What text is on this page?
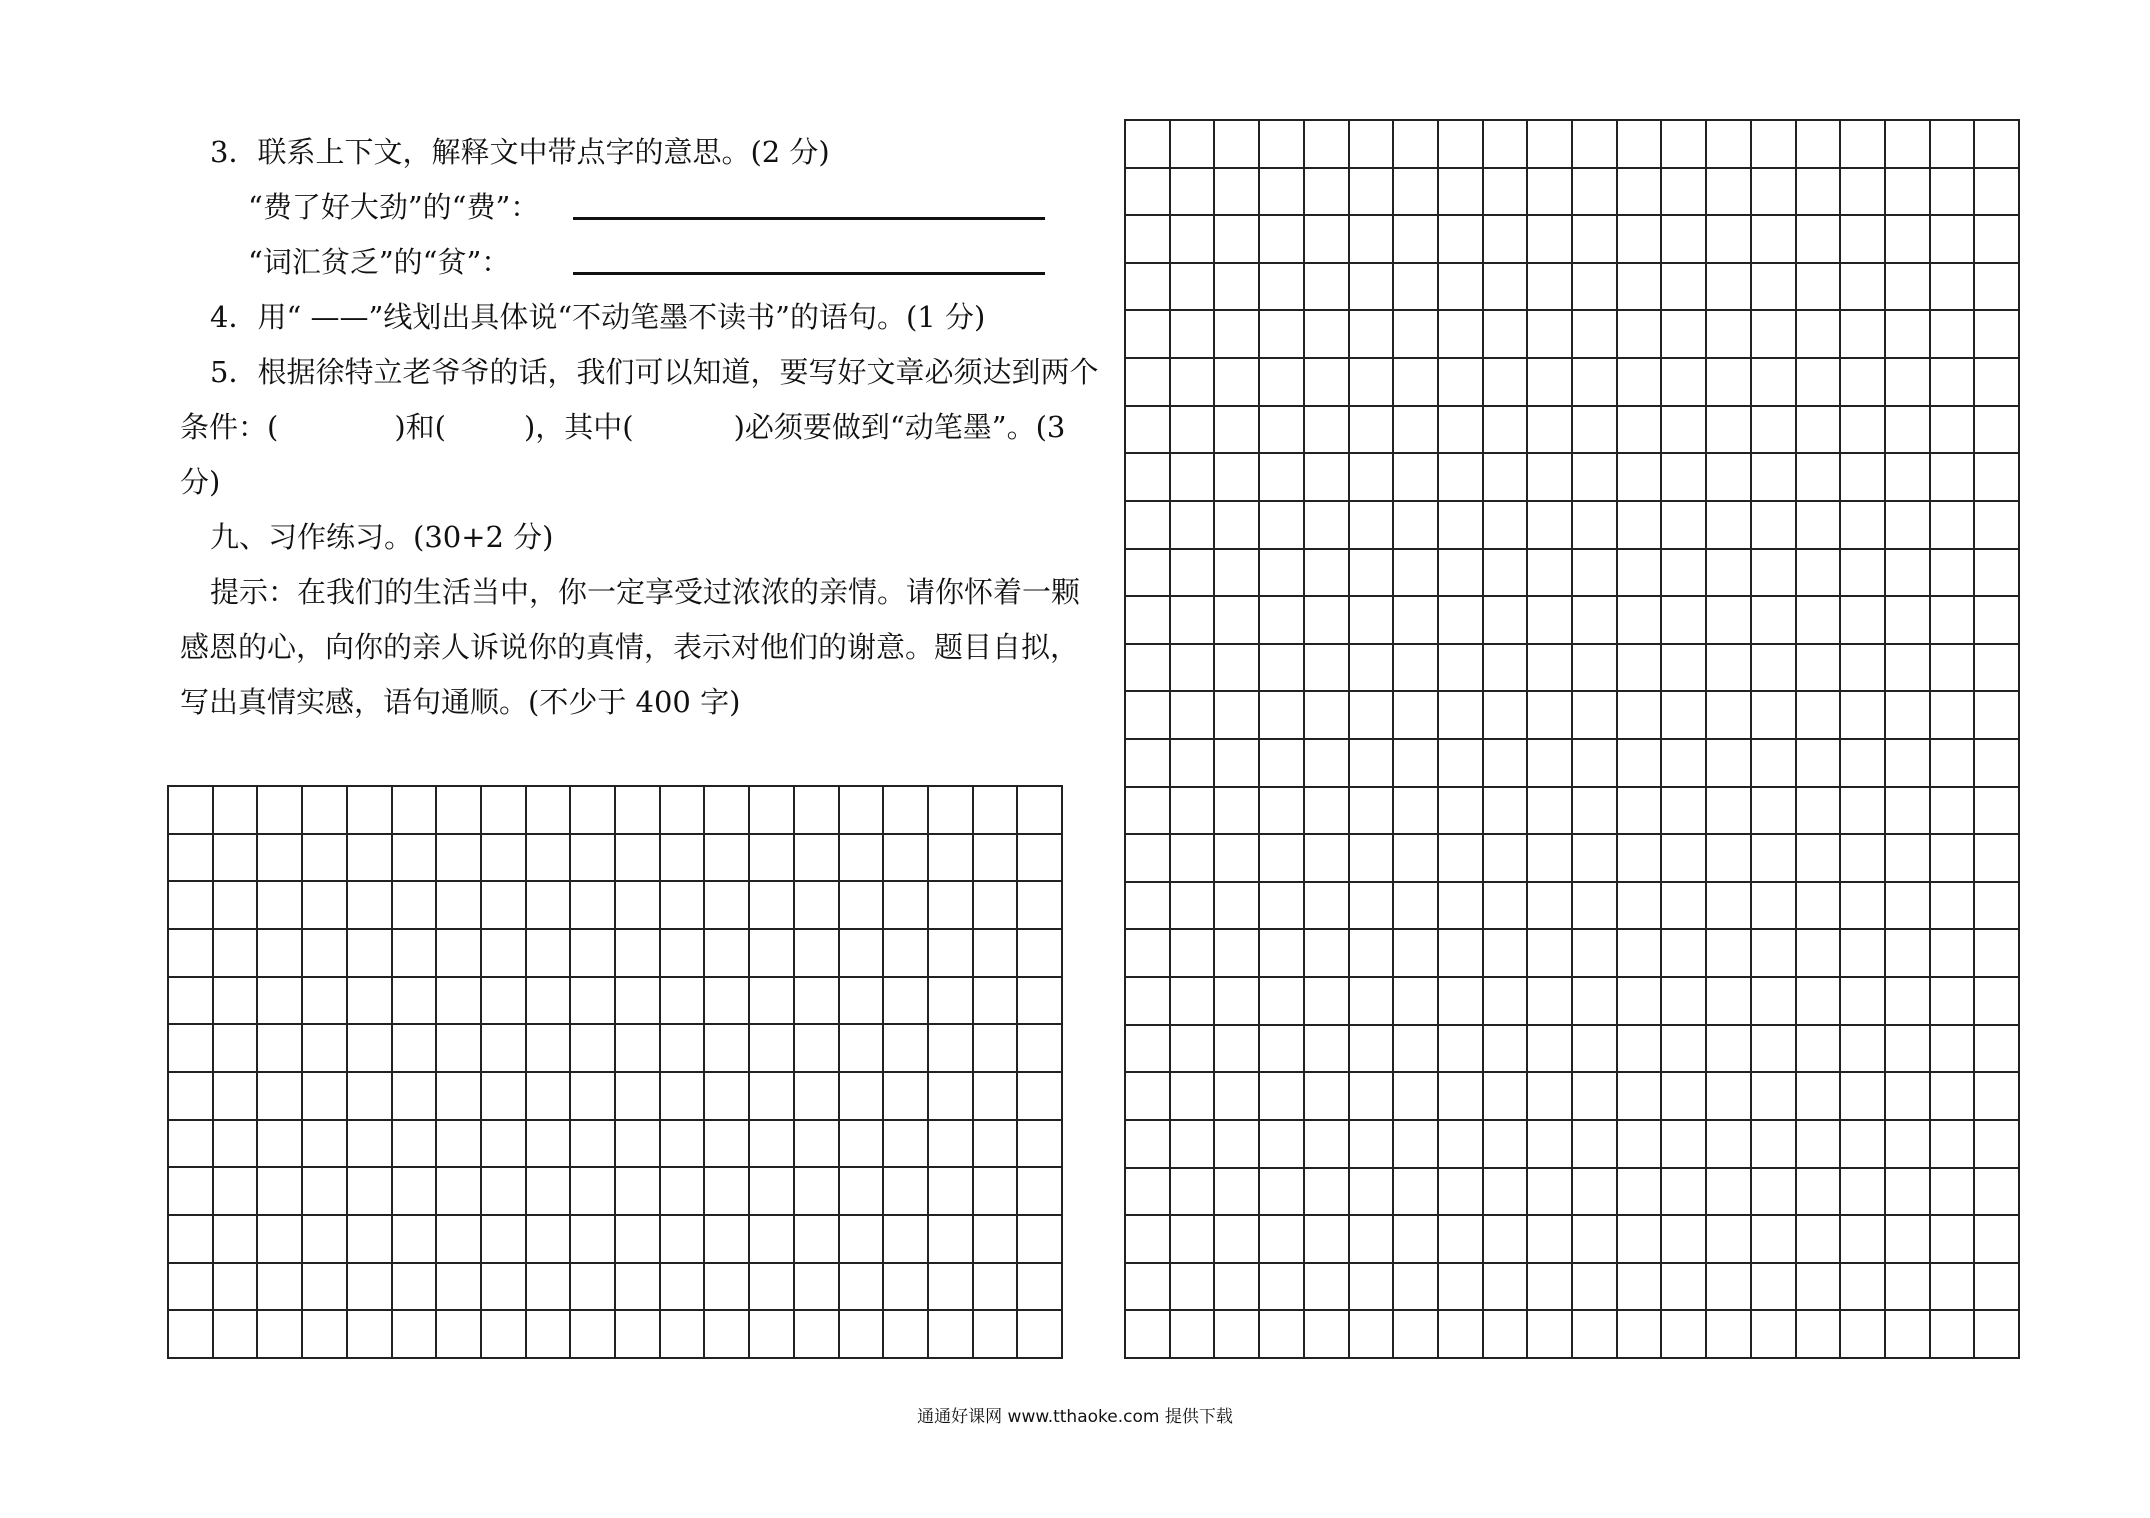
3．联系上下文，解释文中带点字的意思。(2 分)
“费了好大劲”的“费”：
“词汇贫乏”的“贫”：
4．用“ ——”线划出具体说“不动笔墨不读书”的语句。(1 分)
5．根据徐特立老爷爷的话，我们可以知道，要写好文章必须达到两个
条件：(	)和(	)，其中(	)必须要做到“动笔墨”。(3
分)
九、习作练习。(30+2 分)
提示：在我们的生活当中，你一定享受过浓浓的亲情。请你怀着一颗
感恩的心，向你的亲人诉说你的真情，表示对他们的谢意。题目自拟，
写出真情实感，语句通顺。(不少于 400 字)
通通好课网 www.tthaoke.com 提供下载
